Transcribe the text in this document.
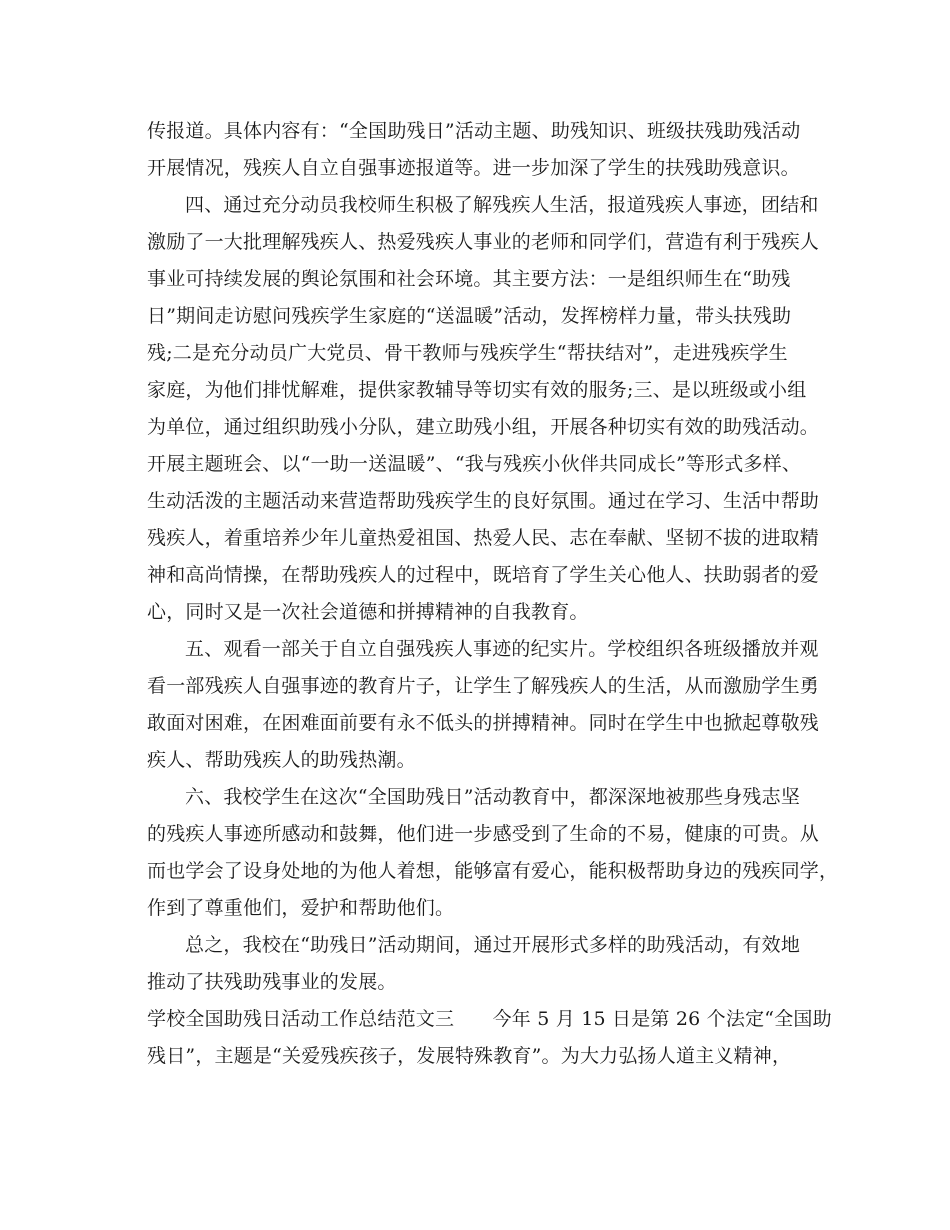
传报道。具体内容有：“全国助残日”活动主题、助残知识、班级扶残助残活动
开展情况，残疾人自立自强事迹报道等。进一步加深了学生的扶残助残意识。
四、通过充分动员我校师生积极了解残疾人生活，报道残疾人事迹，团结和
激励了一大批理解残疾人、热爱残疾人事业的老师和同学们，营造有利于残疾人
事业可持续发展的舆论氛围和社会环境。其主要方法：一是组织师生在“助残
日”期间走访慰问残疾学生家庭的“送温暖”活动，发挥榜样力量，带头扶残助
残;二是充分动员广大党员、骨干教师与残疾学生“帮扶结对”，走进残疾学生
家庭，为他们排忧解难，提供家教辅导等切实有效的服务;三、是以班级或小组
为单位，通过组织助残小分队，建立助残小组，开展各种切实有效的助残活动。
开展主题班会、以“一助一送温暖”、“我与残疾小伙伴共同成长”等形式多样、
生动活泼的主题活动来营造帮助残疾学生的良好氛围。通过在学习、生活中帮助
残疾人，着重培养少年儿童热爱祖国、热爱人民、志在奉献、坚韧不拔的进取精
神和高尚情操，在帮助残疾人的过程中，既培育了学生关心他人、扶助弱者的爱
心，同时又是一次社会道德和拼搏精神的自我教育。
五、观看一部关于自立自强残疾人事迹的纪实片。学校组织各班级播放并观
看一部残疾人自强事迹的教育片子，让学生了解残疾人的生活，从而激励学生勇
敢面对困难，在困难面前要有永不低头的拼搏精神。同时在学生中也掀起尊敬残
疾人、帮助残疾人的助残热潮。
六、我校学生在这次“全国助残日”活动教育中，都深深地被那些身残志坚
的残疾人事迹所感动和鼓舞，他们进一步感受到了生命的不易，健康的可贵。从
而也学会了设身处地的为他人着想，能够富有爱心，能积极帮助身边的残疾同学，
作到了尊重他们，爱护和帮助他们。
总之，我校在“助残日”活动期间，通过开展形式多样的助残活动，有效地
推动了扶残助残事业的发展。
学校全国助残日活动工作总结范文三　　今年 5 月 15 日是第 26 个法定“全国助
残日”，主题是“关爱残疾孩子，发展特殊教育”。为大力弘扬人道主义精神，
